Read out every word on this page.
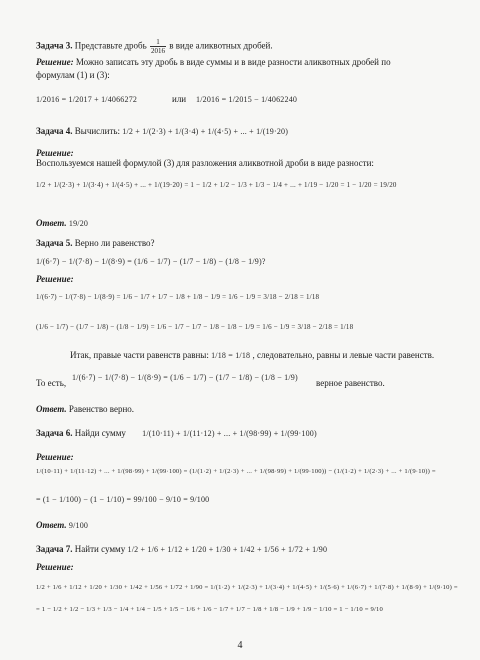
Задача 3. Представьте дробь $\frac{1}{2016}$ в виде аликвотных дробей.
Решение: Можно записать эту дробь в виде суммы и в виде разности аликвотных дробей по
формулам (1) и (3):
1/2016 = 1/2017 + 1/4066272	или 1/2016 = 1/2015 − 1/4062240
Задача 4. Вычислить: 1/2 + 1/(2·3) + 1/(3·4) + 1/(4·5) + ... + 1/(19·20)
Решение:
Воспользуемся нашей формулой (3) для разложения аликвотной дроби в виде разности:
1/2 + 1/(2·3) + 1/(3·4) + 1/(4·5) + ... + 1/(19·20) = 1 − 1/2 + 1/2 − 1/3 + 1/3 − 1/4 + ... + 1/19 − 1/20 = 1 − 1/20 = 19/20
Ответ. 19/20
Задача 5. Верно ли равенство?
1/(6·7) − 1/(7·8) − 1/(8·9) = (1/6 − 1/7) − (1/7 − 1/8) − (1/8 − 1/9)?
Решение:
1/(6·7) − 1/(7·8) − 1/(8·9) = 1/6 − 1/7 + 1/7 − 1/8 + 1/8 − 1/9 = 1/6 − 1/9 = 3/18 − 2/18 = 1/18
(1/6 − 1/7) − (1/7 − 1/8) − (1/8 − 1/9) = 1/6 − 1/7 − 1/7 − 1/8 − 1/8 − 1/9 = 1/6 − 1/9 = 3/18 − 2/18 = 1/18
Итак, правые части равенств равны: 1/18 = 1/18 , следовательно, равны и левые части равенств.
То есть,
1/(6·7) − 1/(7·8) − 1/(8·9) = (1/6 − 1/7) − (1/7 − 1/8) − (1/8 − 1/9)
верное равенство.
Ответ. Равенство верно.
Задача 6. Найди сумму 1/(10·11) + 1/(11·12) + ... + 1/(98·99) + 1/(99·100)
Решение:
1/(10·11) + 1/(11·12) + ... + 1/(98·99) + 1/(99·100) = (1/(1·2) + 1/(2·3) + ... + 1/(98·99) + 1/(99·100)) − (1/(1·2) + 1/(2·3) + ... + 1/(9·10)) =
= (1 − 1/100) − (1 − 1/10) = 99/100 − 9/10 = 9/100
Ответ. 9/100
Задача 7. Найти сумму 1/2 + 1/6 + 1/12 + 1/20 + 1/30 + 1/42 + 1/56 + 1/72 + 1/90
Решение:
1/2 + 1/6 + 1/12 + 1/20 + 1/30 + 1/42 + 1/56 + 1/72 + 1/90 = 1/(1·2) + 1/(2·3) + 1/(3·4) + 1/(4·5) + 1/(5·6) + 1/(6·7) + 1/(7·8) + 1/(8·9) + 1/(9·10) =
= 1 − 1/2 + 1/2 − 1/3 + 1/3 − 1/4 + 1/4 − 1/5 + 1/5 − 1/6 + 1/6 − 1/7 + 1/7 − 1/8 + 1/8 − 1/9 + 1/9 − 1/10 = 1 − 1/10 = 9/10
4
